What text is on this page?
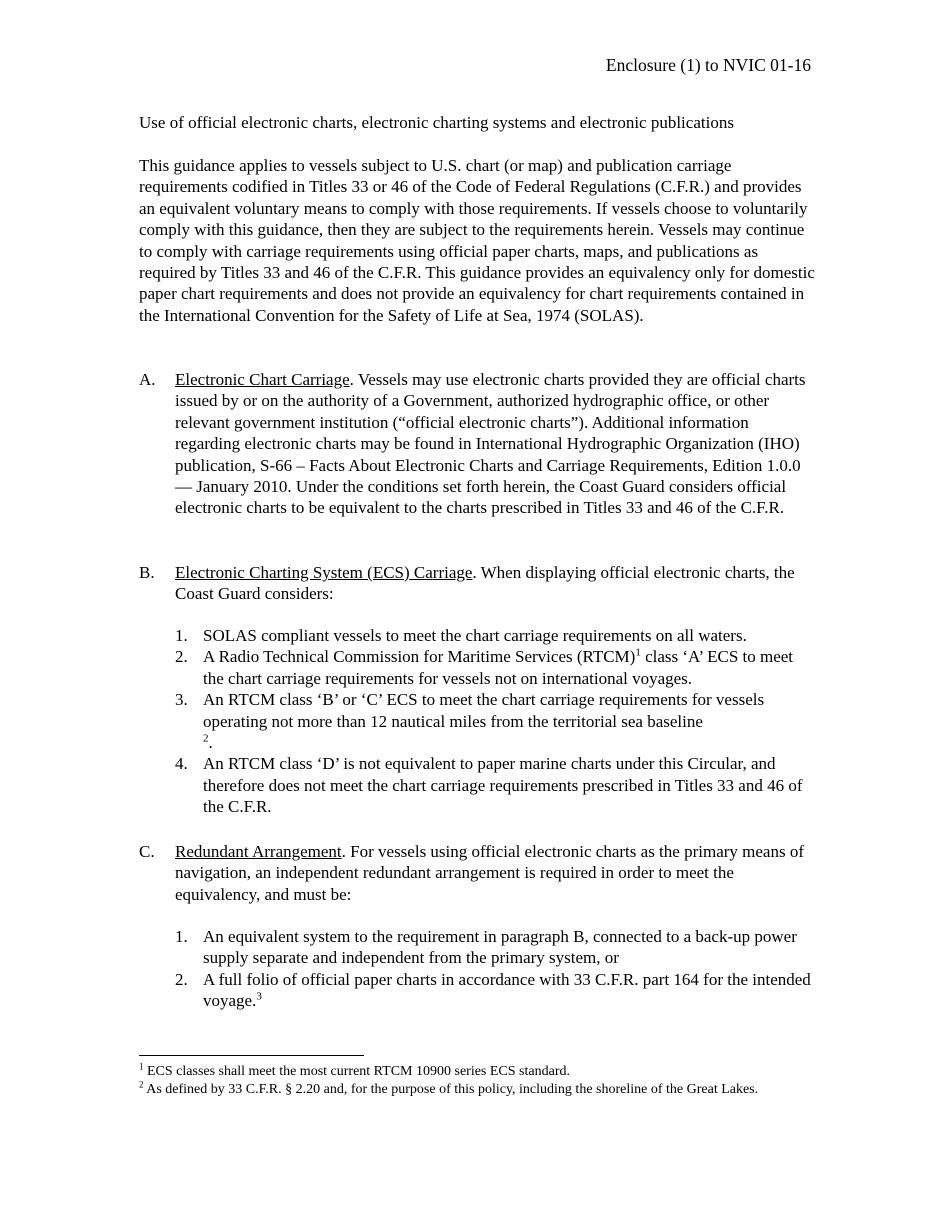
Enclosure (1) to NVIC 01-16
Use of official electronic charts, electronic charting systems and electronic publications
This guidance applies to vessels subject to U.S. chart (or map) and publication carriage requirements codified in Titles 33 or 46 of the Code of Federal Regulations (C.F.R.) and provides an equivalent voluntary means to comply with those requirements. If vessels choose to voluntarily comply with this guidance, then they are subject to the requirements herein. Vessels may continue to comply with carriage requirements using official paper charts, maps, and publications as required by Titles 33 and 46 of the C.F.R. This guidance provides an equivalency only for domestic paper chart requirements and does not provide an equivalency for chart requirements contained in the International Convention for the Safety of Life at Sea, 1974 (SOLAS).
A.	Electronic Chart Carriage. Vessels may use electronic charts provided they are official charts issued by or on the authority of a Government, authorized hydrographic office, or other relevant government institution (“official electronic charts”). Additional information regarding electronic charts may be found in International Hydrographic Organization (IHO) publication, S-66 – Facts About Electronic Charts and Carriage Requirements, Edition 1.0.0 — January 2010. Under the conditions set forth herein, the Coast Guard considers official electronic charts to be equivalent to the charts prescribed in Titles 33 and 46 of the C.F.R.
B.	Electronic Charting System (ECS) Carriage. When displaying official electronic charts, the Coast Guard considers:
1. SOLAS compliant vessels to meet the chart carriage requirements on all waters.
2. A Radio Technical Commission for Maritime Services (RTCM)$^1$ class ‘A’ ECS to meet the chart carriage requirements for vessels not on international voyages.
3. An RTCM class ‘B’ or ‘C’ ECS to meet the chart carriage requirements for vessels operating not more than 12 nautical miles from the territorial sea baseline
$^2$.
4. An RTCM class ‘D’ is not equivalent to paper marine charts under this Circular, and therefore does not meet the chart carriage requirements prescribed in Titles 33 and 46 of the C.F.R.
C.	Redundant Arrangement. For vessels using official electronic charts as the primary means of navigation, an independent redundant arrangement is required in order to meet the equivalency, and must be:
1. An equivalent system to the requirement in paragraph B, connected to a back-up power supply separate and independent from the primary system, or
2. A full folio of official paper charts in accordance with 33 C.F.R. part 164 for the intended voyage.$^3$
$^1$ ECS classes shall meet the most current RTCM 10900 series ECS standard.
$^2$ As defined by 33 C.F.R. § 2.20 and, for the purpose of this policy, including the shoreline of the Great Lakes.
